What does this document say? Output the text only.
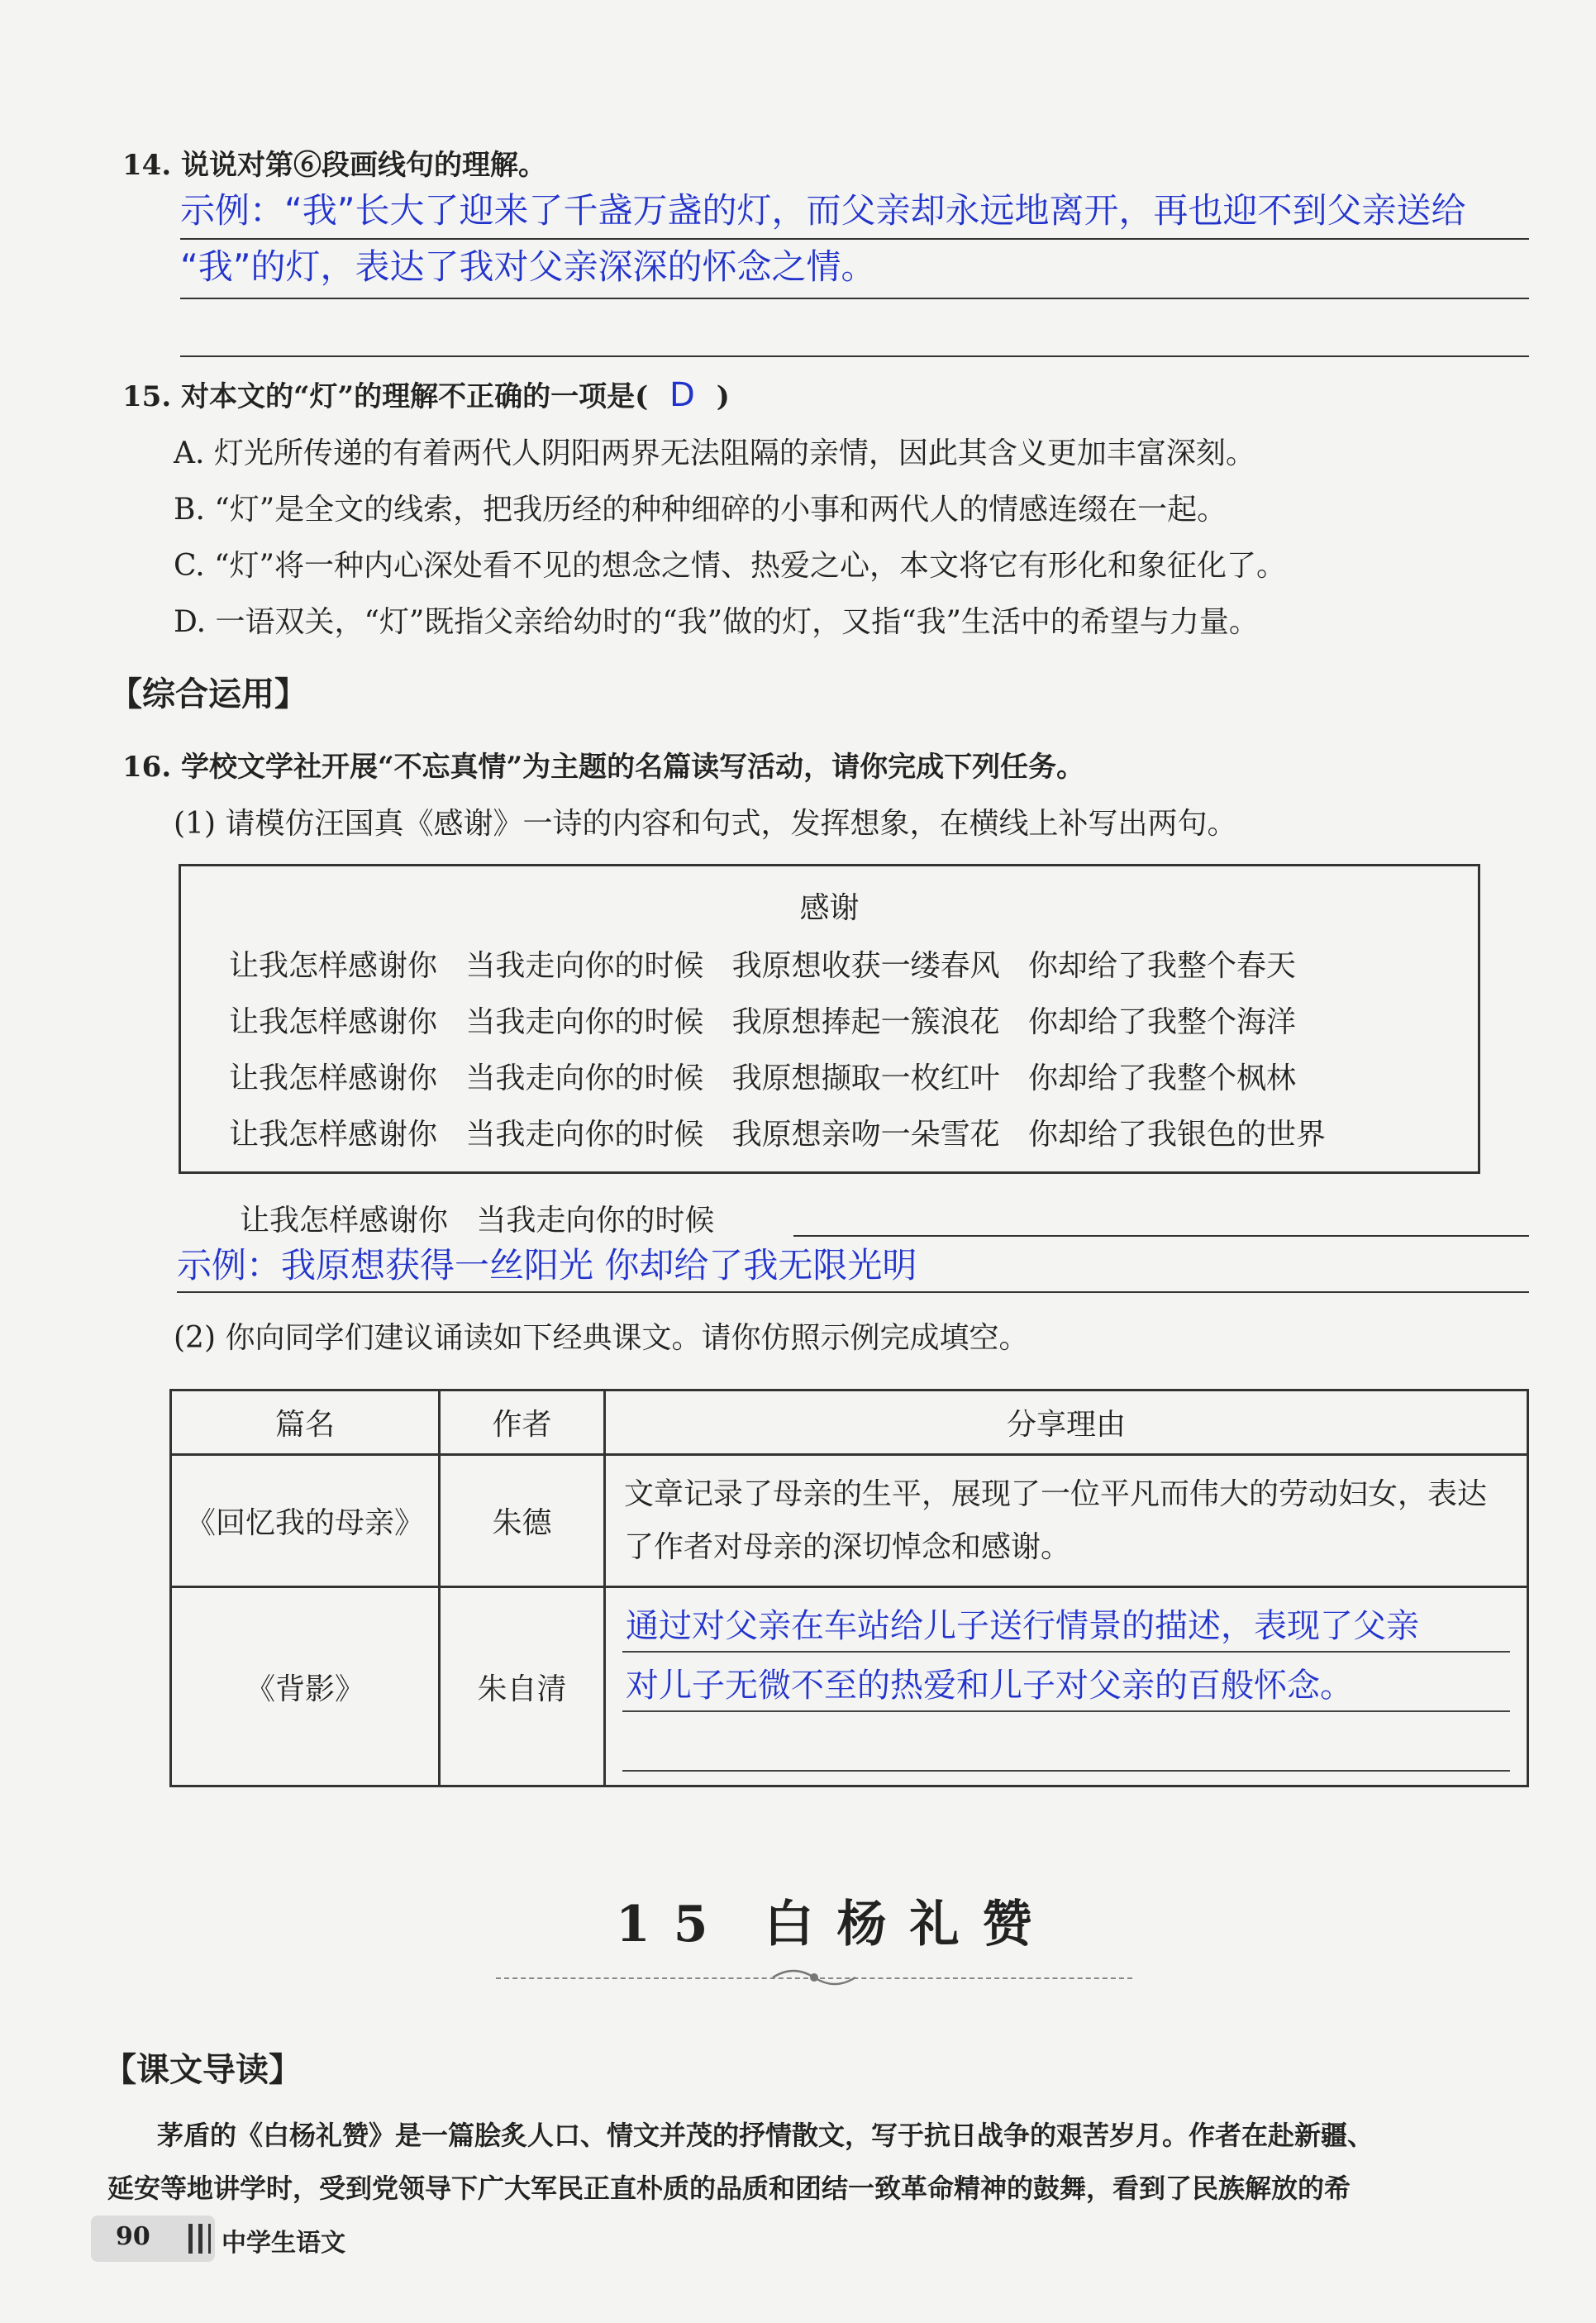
14. 说说对第⑥段画线句的理解。
示例：“我”长大了迎来了千盏万盏的灯，而父亲却永远地离开，再也迎不到父亲送给
“我”的灯，表达了我对父亲深深的怀念之情。
15. 对本文的“灯”的理解不正确的一项是( D )
A. 灯光所传递的有着两代人阴阳两界无法阻隔的亲情，因此其含义更加丰富深刻。
B. “灯”是全文的线索，把我历经的种种细碎的小事和两代人的情感连缀在一起。
C. “灯”将一种内心深处看不见的想念之情、热爱之心，本文将它有形化和象征化了。
D. 一语双关，“灯”既指父亲给幼时的“我”做的灯，又指“我”生活中的希望与力量。
【综合运用】
16. 学校文学社开展“不忘真情”为主题的名篇读写活动，请你完成下列任务。
(1) 请模仿汪国真《感谢》一诗的内容和句式，发挥想象，在横线上补写出两句。
感谢
让我怎样感谢你   当我走向你的时候   我原想收获一缕春风   你却给了我整个春天
让我怎样感谢你   当我走向你的时候   我原想捧起一簇浪花   你却给了我整个海洋
让我怎样感谢你   当我走向你的时候   我原想撷取一枚红叶   你却给了我整个枫林
让我怎样感谢你   当我走向你的时候   我原想亲吻一朵雪花   你却给了我银色的世界
让我怎样感谢你   当我走向你的时候
示例：我原想获得一丝阳光 你却给了我无限光明
(2) 你向同学们建议诵读如下经典课文。请你仿照示例完成填空。
篇名	作者	分享理由
《回忆我的母亲》	朱德	文章记录了母亲的生平，展现了一位平凡而伟大的劳动妇女，表达了作者对母亲的深切悼念和感谢。
《背影》	朱自清	通过对父亲在车站给儿子送行情景的描述，表现了父亲
对儿子无微不至的热爱和儿子对父亲的百般怀念。
15 白杨礼赞
【课文导读】
茅盾的《白杨礼赞》是一篇脍炙人口、情文并茂的抒情散文，写于抗日战争的艰苦岁月。作者在赴新疆、
延安等地讲学时，受到党领导下广大军民正直朴质的品质和团结一致革命精神的鼓舞，看到了民族解放的希
90	中学生语文
